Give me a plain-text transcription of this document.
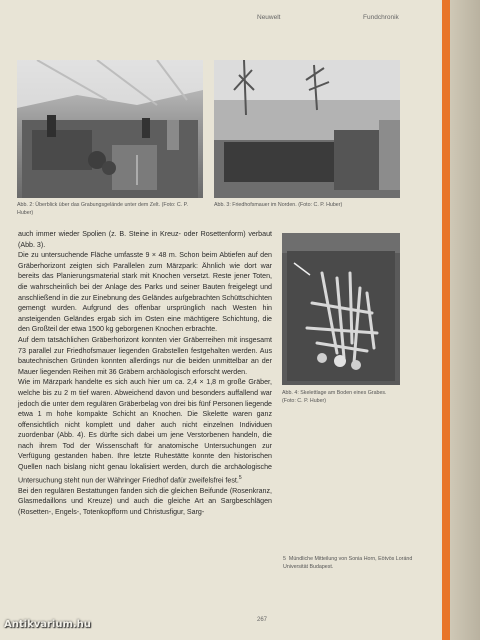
Neuwelt	Fundchronik
Abb. 2: Überblick über das Grabungsgelände unter dem Zelt. (Foto: C. P. Huber)
Abb. 3: Friedhofsmauer im Norden. (Foto: C. P. Huber)

auch immer wieder Spolien (z. B. Steine in Kreuz- oder Rosettenform) verbaut (Abb. 3).

Die zu untersuchende Fläche umfasste 9 × 48 m. Schon beim Abtiefen auf den Gräberhorizont zeigten sich Parallelen zum Märzpark: Ähnlich wie dort war bereits das Planierungsmaterial stark mit Knochen versetzt. Reste jener Toten, die wahrscheinlich bei der Anlage des Parks und seiner Bauten freigelegt und anschließend in die zur Einebnung des Geländes aufgebrachten Schüttschichten gemengt wurden. Aufgrund des offenbar ursprünglich nach Westen hin ansteigenden Geländes ergab sich im Osten eine mächtigere Schichtung, die den Großteil der etwa 1500 kg geborgenen Knochen erbrachte.

Auf dem tatsächlichen Gräberhorizont konnten vier Gräberreihen mit insgesamt 73 parallel zur Friedhofsmauer liegenden Grabstellen festgehalten werden. Aus bautechnischen Gründen konnten allerdings nur die beiden unmittelbar an der Mauer liegenden Reihen mit 36 Gräbern archäologisch erforscht werden.

Wie im Märzpark handelte es sich auch hier um ca. 2,4 × 1,8 m große Gräber, welche bis zu 2 m tief waren. Abweichend davon und besonders auffallend war jedoch die unter dem regulären Gräberbelag von drei bis fünf Personen liegende etwa 1 m hohe kompakte Schicht an Knochen. Die Skelette waren ganz offensichtlich nicht komplett und daher auch nicht einzelnen Individuen zuordenbar (Abb. 4). Es dürfte sich dabei um jene Verstorbenen handeln, die nach ihrem Tod der Wissenschaft für anatomische Untersuchungen zur Verfügung gestanden haben. Ihre letzte Ruhestätte konnte den historischen Quellen nach bislang nicht genau lokalisiert werden, durch die archäologische Untersuchung steht nun der Währinger Friedhof dafür zweifelsfrei fest.$^5$

Bei den regulären Bestattungen fanden sich die gleichen Beifunde (Rosenkranz, Glasmedaillons und Kreuze) und auch die gleiche Art an Sargbeschlägen (Rosetten-, Engels-, Totenkopfform und Christusfigur, Sarg-

Abb. 4: Skelettlage am Boden eines Grabes. (Foto: C. P. Huber)
5 Mündliche Mitteilung von Sonia Horn, Eötvös Loránd Universität Budapest.
267
Antikvarium.hu
